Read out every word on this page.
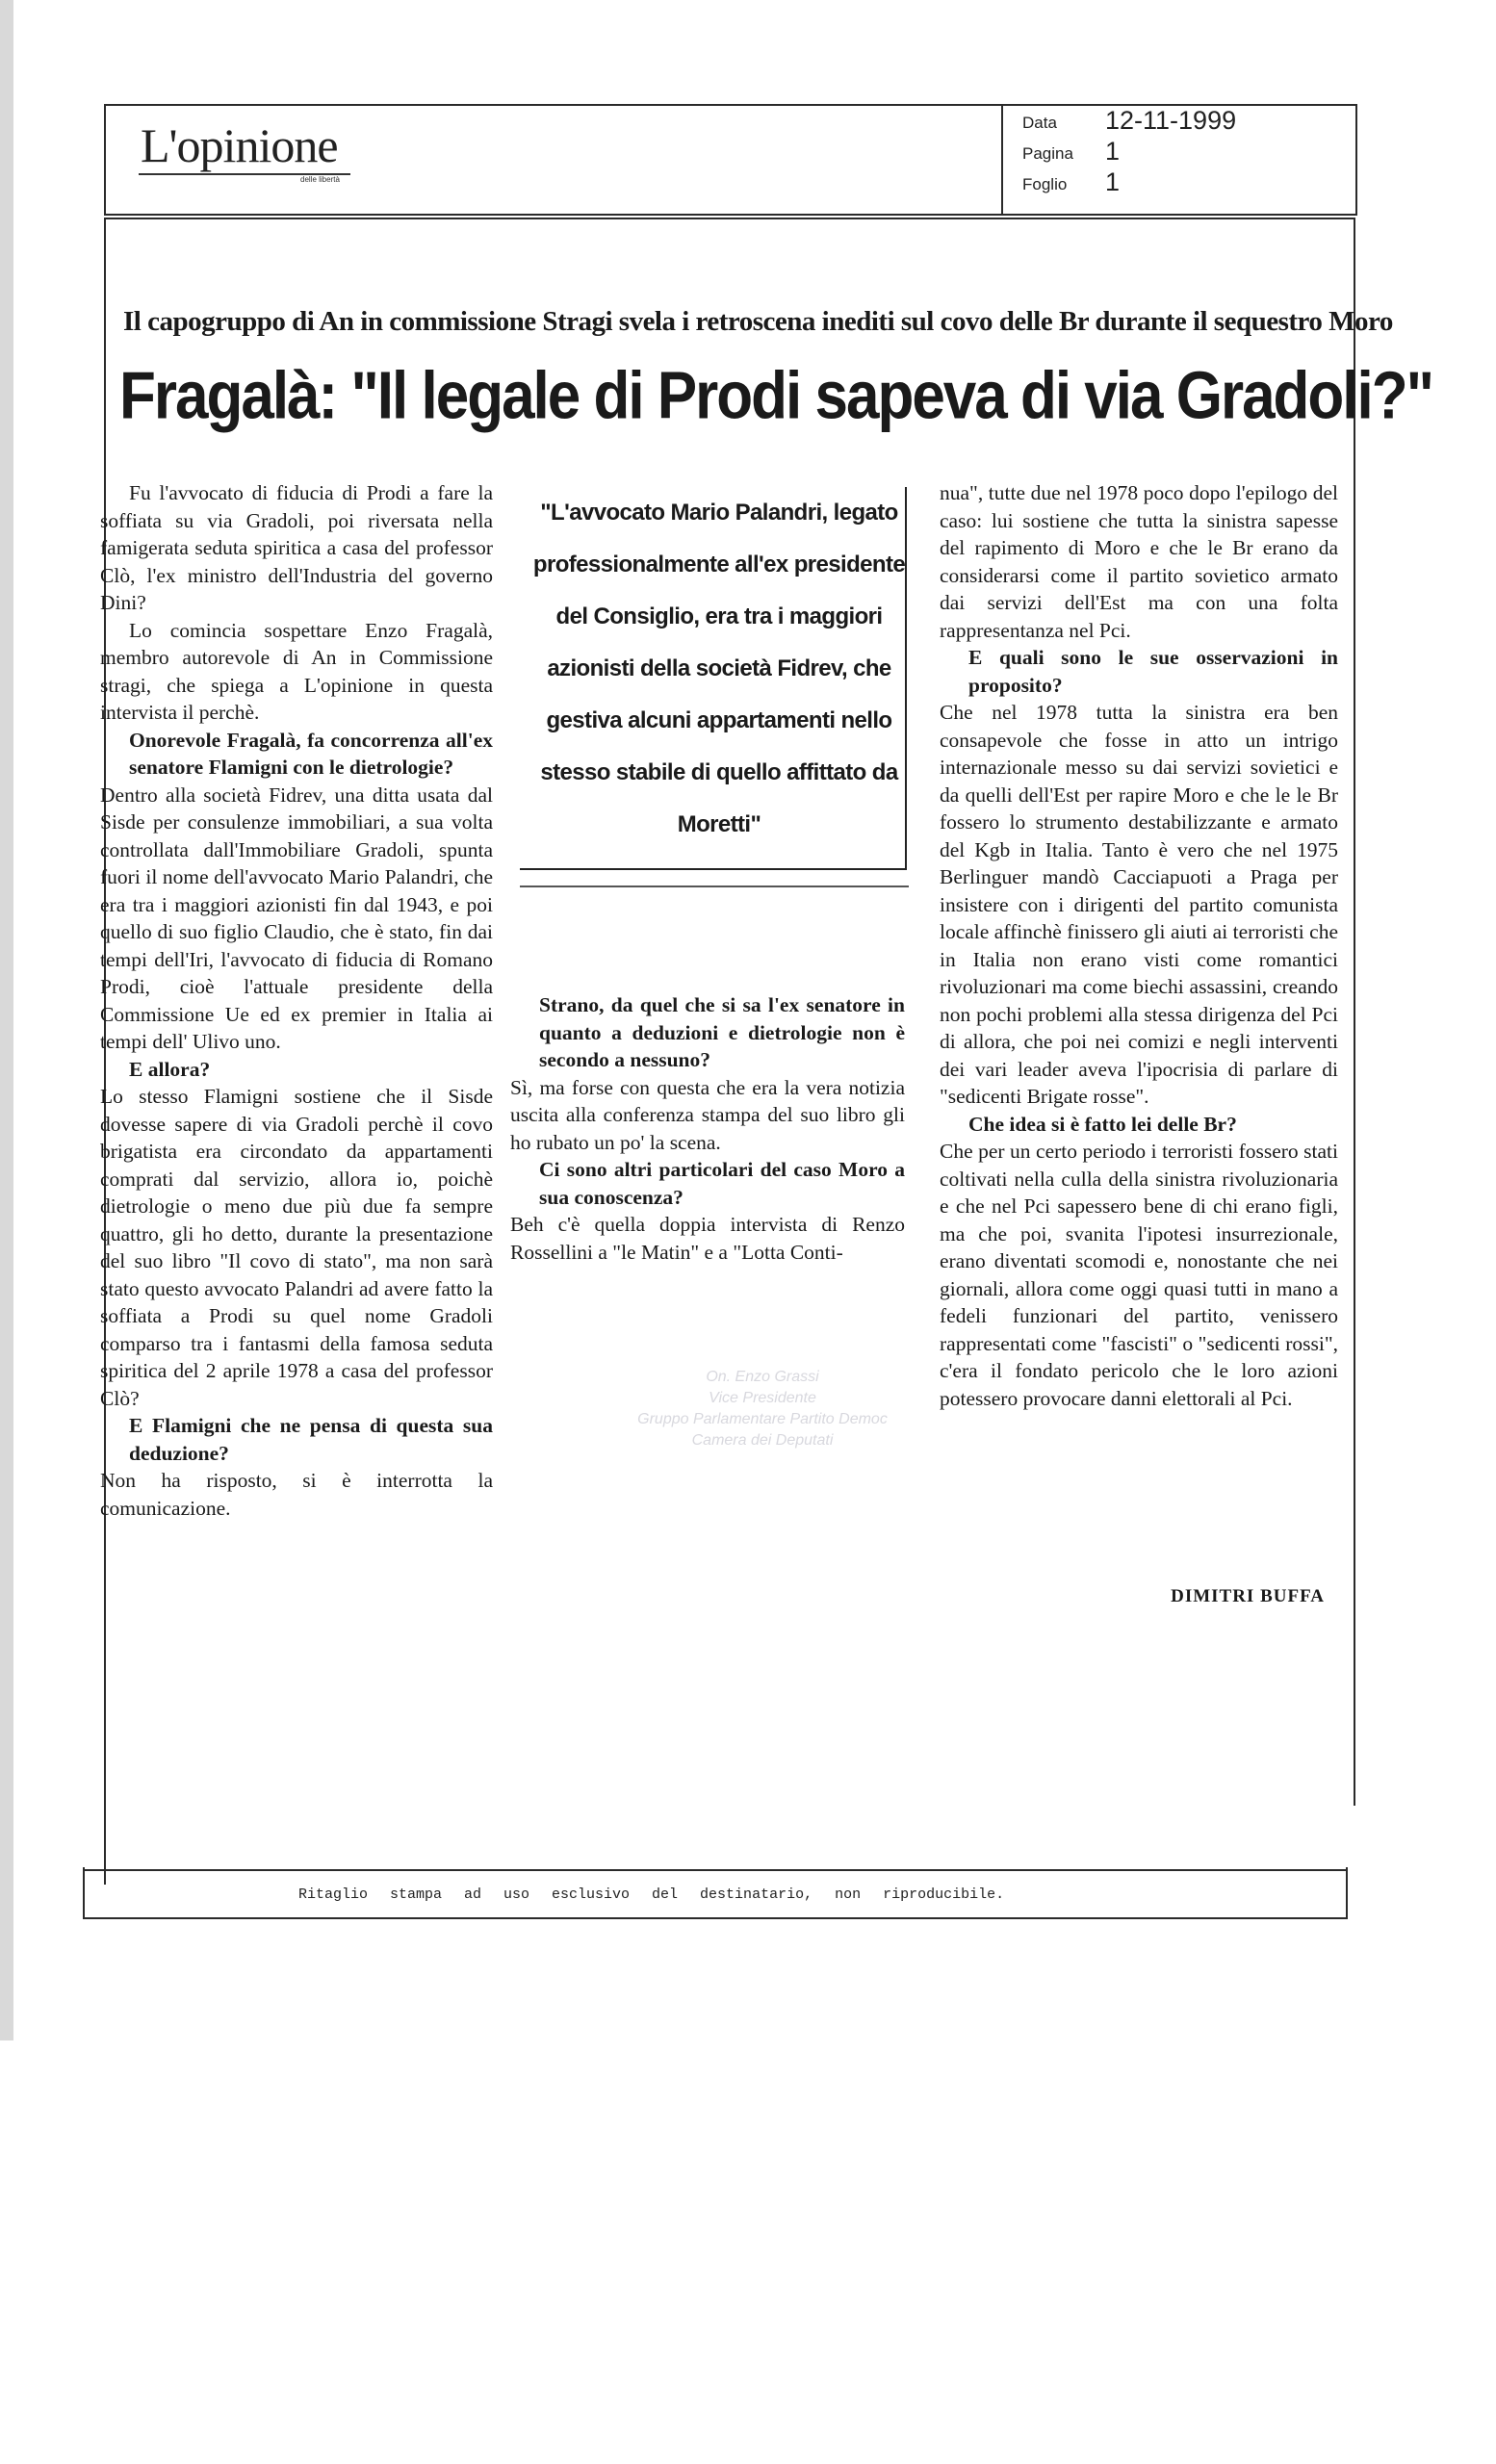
L'opinione
delle libertà
Data 12-11-1999
Pagina 1
Foglio 1
Il capogruppo di An in commissione Stragi svela i retroscena inediti sul covo delle Br durante il sequestro Moro
Fragalà: "Il legale di Prodi sapeva di via Gradoli?"

Fu l'avvocato di fiducia di Prodi a fare la soffiata su via Gradoli, poi riversata nella famigerata seduta spiritica a casa del professor Clò, l'ex ministro dell'Industria del governo Dini?

Lo comincia sospettare Enzo Fragalà, membro autorevole di An in Commissione stragi, che spiega a L'opinione in questa intervista il perchè.

Onorevole Fragalà, fa concorrenza all'ex senatore Flamigni con le dietrologie?

Dentro alla società Fidrev, una ditta usata dal Sisde per consulenze immobiliari, a sua volta controllata dall'Immobiliare Gradoli, spunta fuori il nome dell'avvocato Mario Palandri, che era tra i maggiori azionisti fin dal 1943, e poi quello di suo figlio Claudio, che è stato, fin dai tempi dell'Iri, l'avvocato di fiducia di Romano Prodi, cioè l'attuale presidente della Commissione Ue ed ex premier in Italia ai tempi dell' Ulivo uno.

E allora?

Lo stesso Flamigni sostiene che il Sisde dovesse sapere di via Gradoli perchè il covo brigatista era circondato da appartamenti comprati dal servizio, allora io, poichè dietrologie o meno due più due fa sempre quattro, gli ho detto, durante la presentazione del suo libro "Il covo di stato", ma non sarà stato questo avvocato Palandri ad avere fatto la soffiata a Prodi su quel nome Gradoli comparso tra i fantasmi della famosa seduta spiritica del 2 aprile 1978 a casa del professor Clò?

E Flamigni che ne pensa di questa sua deduzione?

Non ha risposto, si è interrotta la comunicazione.

"L'avvocato Mario Palandri, legato professionalmente all'ex presidente del Consiglio, era tra i maggiori azionisti della società Fidrev, che gestiva alcuni appartamenti nello stesso stabile di quello affittato da Moretti"

Strano, da quel che si sa l'ex senatore in quanto a deduzioni e dietrologie non è secondo a nessuno?

Sì, ma forse con questa che era la vera notizia uscita alla conferenza stampa del suo libro gli ho rubato un po' la scena.

Ci sono altri particolari del caso Moro a sua conoscenza?

Beh c'è quella doppia intervista di Renzo Rossellini a "le Matin" e a "Lotta Conti-

On. Enzo Grassi
Vice Presidente
Gruppo Parlamentare Partito Democ
Camera dei Deputati

nua", tutte due nel 1978 poco dopo l'epilogo del caso: lui sostiene che tutta la sinistra sapesse del rapimento di Moro e che le Br erano da considerarsi come il partito sovietico armato dai servizi dell'Est ma con una folta rappresentanza nel Pci.

E quali sono le sue osservazioni in proposito?

Che nel 1978 tutta la sinistra era ben consapevole che fosse in atto un intrigo internazionale messo su dai servizi sovietici e da quelli dell'Est per rapire Moro e che le le Br fossero lo strumento destabilizzante e armato del Kgb in Italia. Tanto è vero che nel 1975 Berlinguer mandò Cacciapuoti a Praga per insistere con i dirigenti del partito comunista locale affinchè finissero gli aiuti ai terroristi che in Italia non erano visti come romantici rivoluzionari ma come biechi assassini, creando non pochi problemi alla stessa dirigenza del Pci di allora, che poi nei comizi e negli interventi dei vari leader aveva l'ipocrisia di parlare di "sedicenti Brigate rosse".

Che idea si è fatto lei delle Br?

Che per un certo periodo i terroristi fossero stati coltivati nella culla della sinistra rivoluzionaria e che nel Pci sapessero bene di chi erano figli, ma che poi, svanita l'ipotesi insurrezionale, erano diventati scomodi e, nonostante che nei giornali, allora come oggi quasi tutti in mano a fedeli funzionari del partito, venissero rappresentati come "fascisti" o "sedicenti rossi", c'era il fondato pericolo che le loro azioni potessero provocare danni elettorali al Pci.

DIMITRI BUFFA
Ritaglio stampa ad uso esclusivo del destinatario, non riproducibile.
